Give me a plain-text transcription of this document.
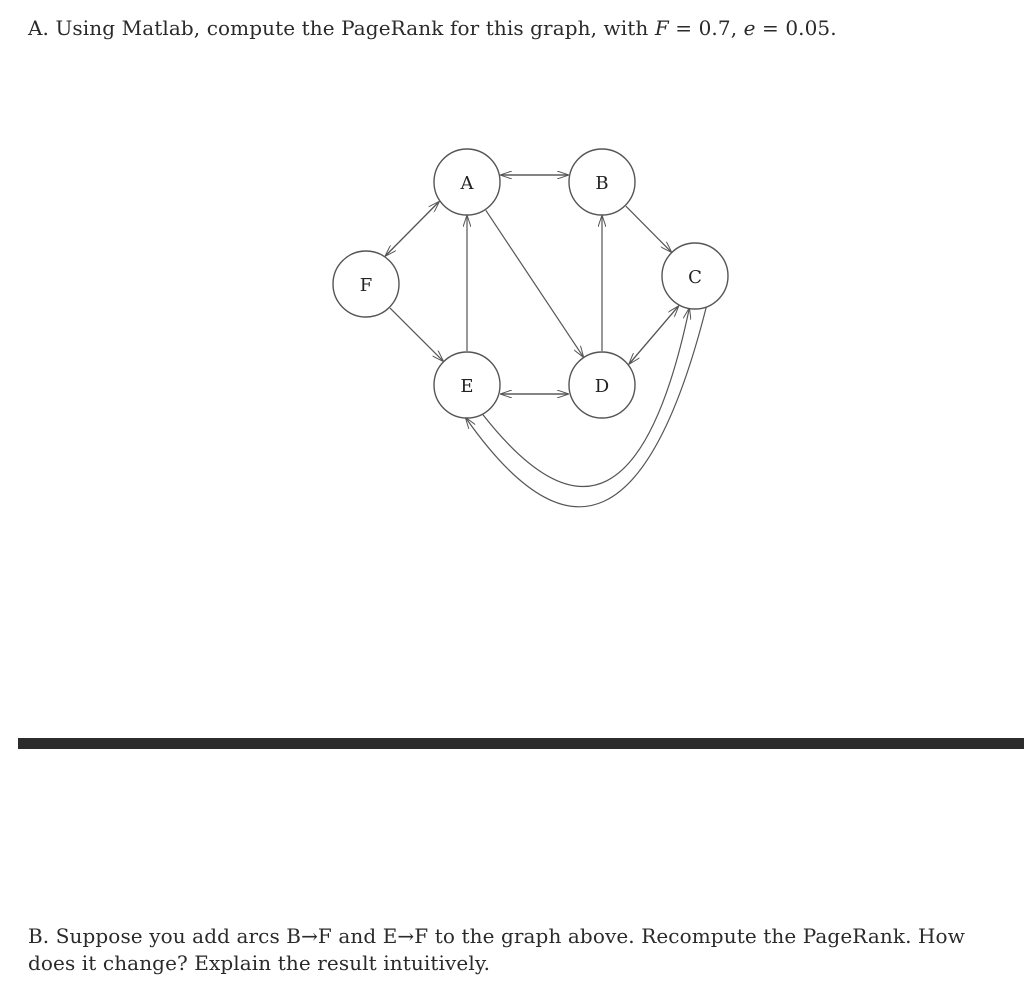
A. Using Matlab, compute the PageRank for this graph, with F = 0.7, e = 0.05.
A	B
C
D
E
F
B. Suppose you add arcs B→F and E→F to the graph above. Recompute the PageRank. How does it change? Explain the result intuitively.
